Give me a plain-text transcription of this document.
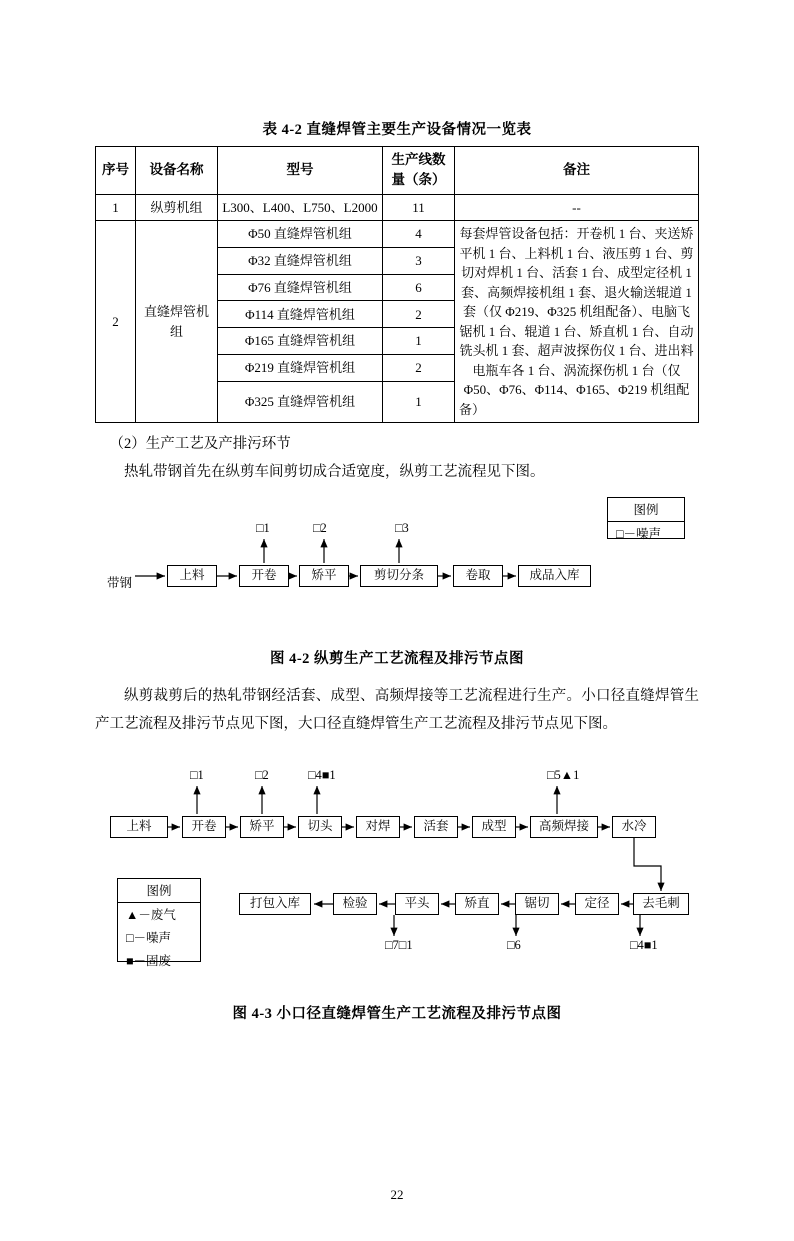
表 4-2 直缝焊管主要生产设备情况一览表
序号	设备名称	型号	生产线数量（条）	备注
1	纵剪机组	L300、L400、L750、L2000	11	--
2	直缝焊管机组	Φ50 直缝焊管机组	4	每套焊管设备包括：开卷机 1 台、夹送矫平机 1 台、上料机 1 台、液压剪 1 台、剪切对焊机 1 台、活套 1 台、成型定径机 1 套、高频焊接机组 1 套、退火输送辊道 1 套（仅 Φ219、Φ325 机组配备）、电脑飞锯机 1 台、辊道 1 台、矫直机 1 台、自动铣头机 1 套、超声波探伤仪 1 台、进出料电瓶车各 1 台、涡流探伤机 1 台（仅 Φ50、Φ76、Φ114、Φ165、Φ219 机组配备）
		Φ32 直缝焊管机组	3	
		Φ76 直缝焊管机组	6	
		Φ114 直缝焊管机组	2	
		Φ165 直缝焊管机组	1	
		Φ219 直缝焊管机组	2	
		Φ325 直缝焊管机组	1	

（2）生产工艺及产排污环节

热轧带钢首先在纵剪车间剪切成合适宽度，纵剪工艺流程见下图。

图例
□－噪声
□1	□2	□3
带钢
上料	开卷	矫平	剪切分条	卷取	成品入库
图 4-2 纵剪生产工艺流程及排污节点图

纵剪裁剪后的热轧带钢经活套、成型、高频焊接等工艺流程进行生产。小口径直缝焊管生产工艺流程及排污节点见下图，大口径直缝焊管生产工艺流程及排污节点见下图。

□1	□2	□4■1	□5▲1
上料	开卷	矫平	切头	对焊	活套	成型	高频焊接	水冷
打包入库	检验	平头	矫直	锯切	定径	去毛刺
□7□1	□6	□4■1
图例
▲－废气
□－噪声
■－固废
图 4-3 小口径直缝焊管生产工艺流程及排污节点图
22
